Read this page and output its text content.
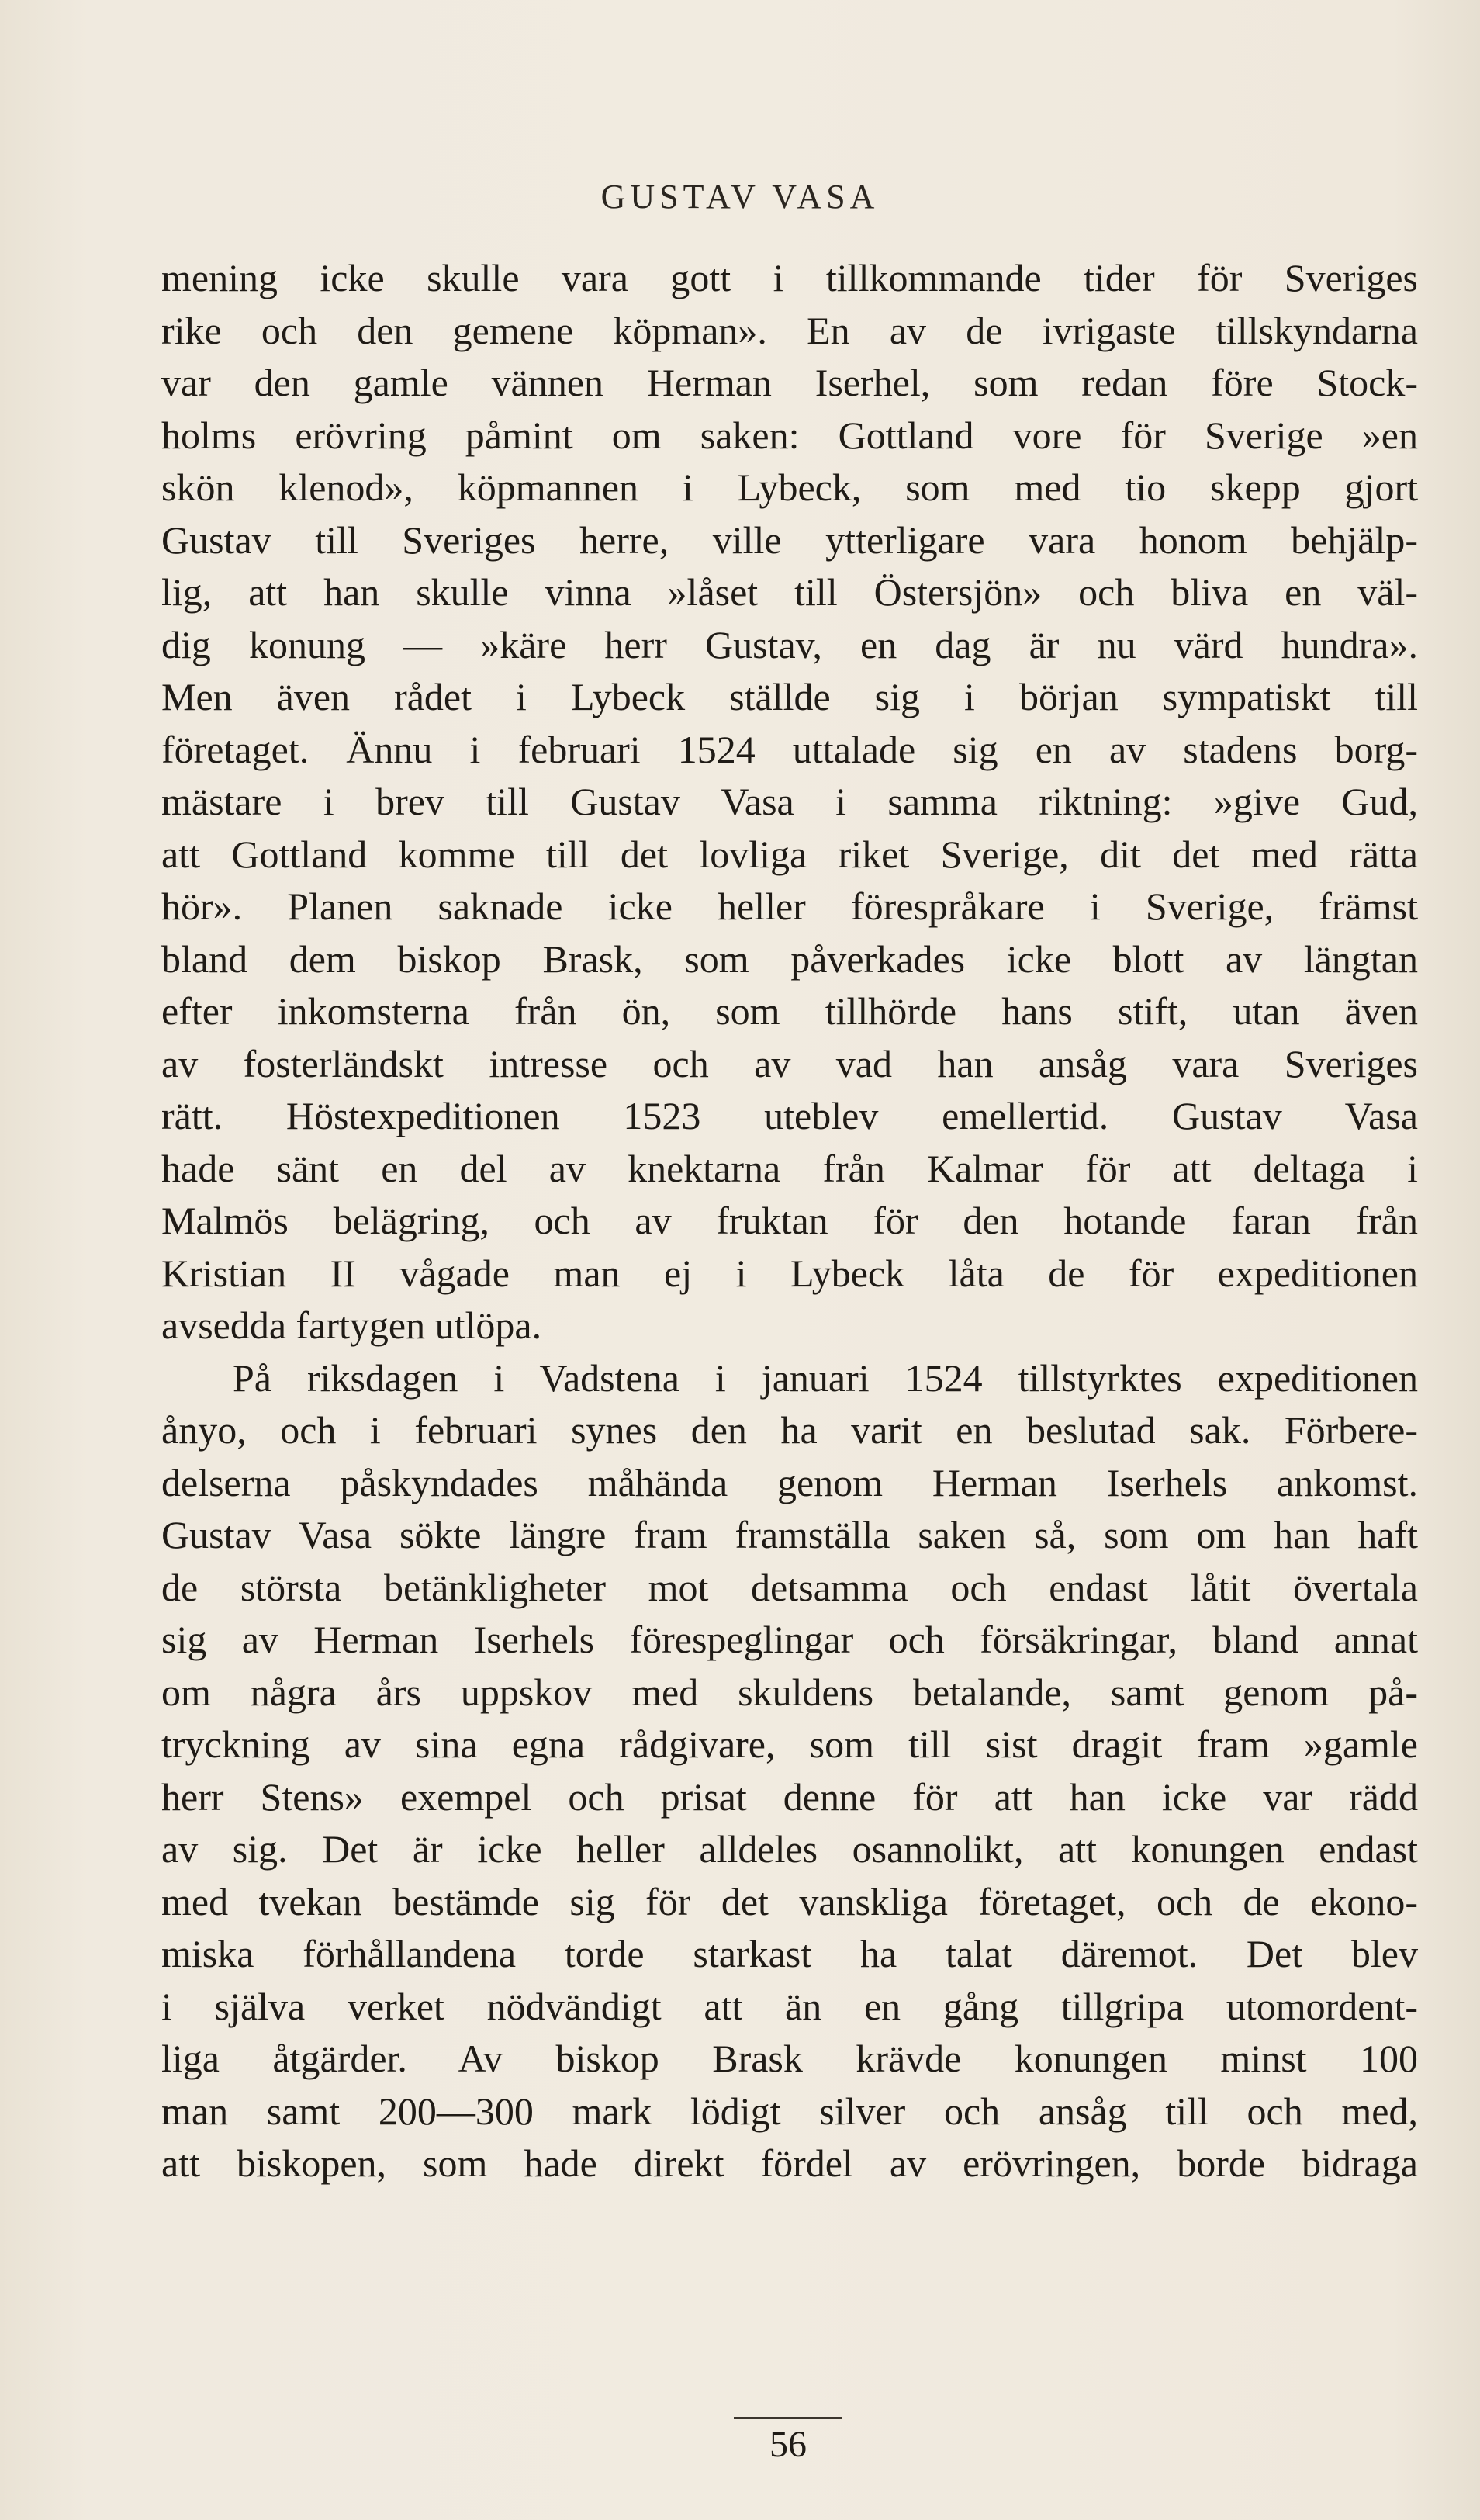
GUSTAV VASA

mening icke skulle vara gott i tillkommande tider för Sveriges
rike och den gemene köpman». En av de ivrigaste tillskyndarna
var den gamle vännen Herman Iserhel, som redan före Stock-
holms erövring påmint om saken: Gottland vore för Sverige »en
skön klenod», köpmannen i Lybeck, som med tio skepp gjort
Gustav till Sveriges herre, ville ytterligare vara honom behjälp-
lig, att han skulle vinna »låset till Östersjön» och bliva en väl-
dig konung — »käre herr Gustav, en dag är nu värd hundra».
Men även rådet i Lybeck ställde sig i början sympatiskt till
företaget. Ännu i februari 1524 uttalade sig en av stadens borg-
mästare i brev till Gustav Vasa i samma riktning: »give Gud,
att Gottland komme till det lovliga riket Sverige, dit det med rätta
hör». Planen saknade icke heller förespråkare i Sverige, främst
bland dem biskop Brask, som påverkades icke blott av längtan
efter inkomsterna från ön, som tillhörde hans stift, utan även
av fosterländskt intresse och av vad han ansåg vara Sveriges
rätt. Höstexpeditionen 1523 uteblev emellertid. Gustav Vasa
hade sänt en del av knektarna från Kalmar för att deltaga i
Malmös belägring, och av fruktan för den hotande faran från
Kristian II vågade man ej i Lybeck låta de för expeditionen
avsedda fartygen utlöpa.

På riksdagen i Vadstena i januari 1524 tillstyrktes expeditionen
ånyo, och i februari synes den ha varit en beslutad sak. Förbere-
delserna påskyndades måhända genom Herman Iserhels ankomst.
Gustav Vasa sökte längre fram framställa saken så, som om han haft
de största betänkligheter mot detsamma och endast låtit övertala
sig av Herman Iserhels förespeglingar och försäkringar, bland annat
om några års uppskov med skuldens betalande, samt genom på-
tryckning av sina egna rådgivare, som till sist dragit fram »gamle
herr Stens» exempel och prisat denne för att han icke var rädd
av sig. Det är icke heller alldeles osannolikt, att konungen endast
med tvekan bestämde sig för det vanskliga företaget, och de ekono-
miska förhållandena torde starkast ha talat däremot. Det blev
i själva verket nödvändigt att än en gång tillgripa utomordent-
liga åtgärder. Av biskop Brask krävde konungen minst 100
man samt 200—300 mark lödigt silver och ansåg till och med,
att biskopen, som hade direkt fördel av erövringen, borde bidraga

56
